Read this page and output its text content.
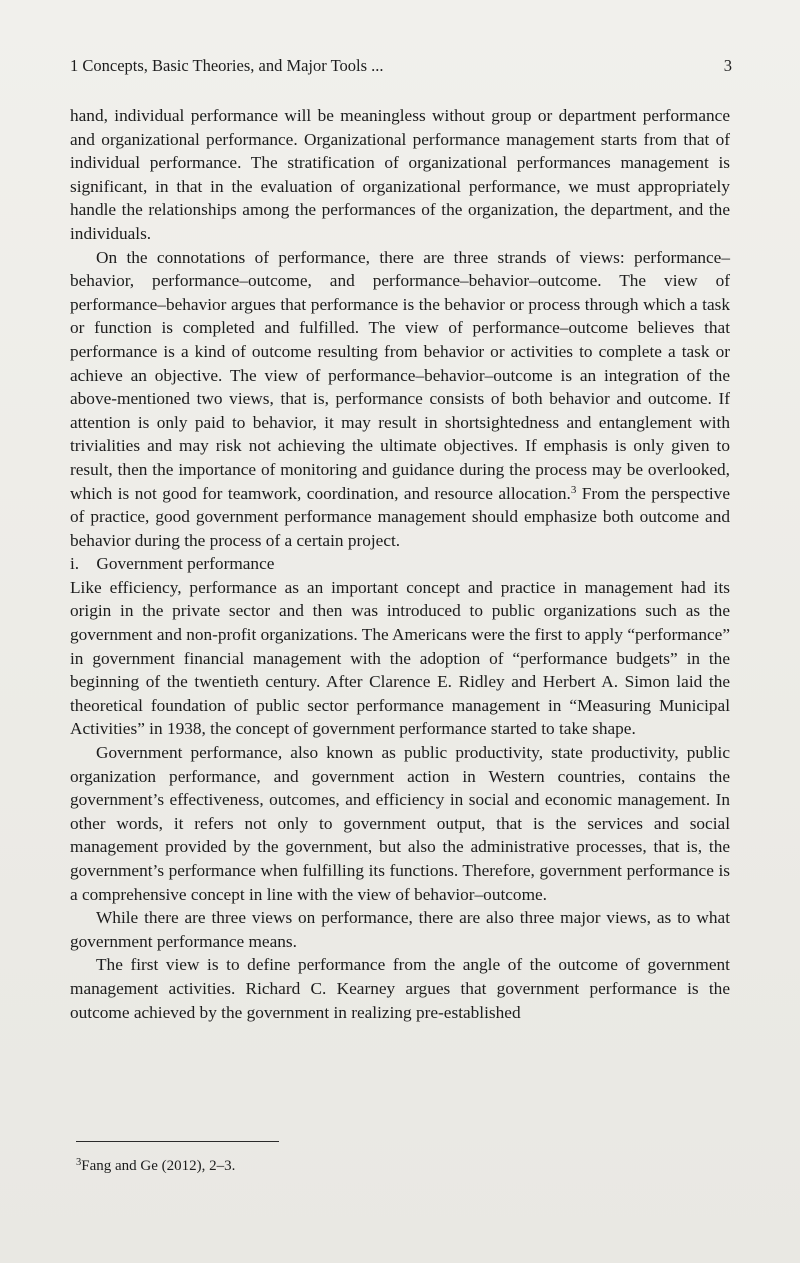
1 Concepts, Basic Theories, and Major Tools ...	3

hand, individual performance will be meaningless without group or department performance and organizational performance. Organizational performance management starts from that of individual performance. The stratification of organizational performances management is significant, in that in the evaluation of organizational performance, we must appropriately handle the relationships among the performances of the organization, the department, and the individuals.

On the connotations of performance, there are three strands of views: performance–behavior, performance–outcome, and performance–behavior–outcome. The view of performance–behavior argues that performance is the behavior or process through which a task or function is completed and fulfilled. The view of performance–outcome believes that performance is a kind of outcome resulting from behavior or activities to complete a task or achieve an objective. The view of performance–behavior–outcome is an integration of the above-mentioned two views, that is, performance consists of both behavior and outcome. If attention is only paid to behavior, it may result in shortsightedness and entanglement with trivialities and may risk not achieving the ultimate objectives. If emphasis is only given to result, then the importance of monitoring and guidance during the process may be overlooked, which is not good for teamwork, coordination, and resource allocation.$^3$ From the perspective of practice, good government performance management should emphasize both outcome and behavior during the process of a certain project.

i. Government performance

Like efficiency, performance as an important concept and practice in management had its origin in the private sector and then was introduced to public organizations such as the government and non-profit organizations. The Americans were the first to apply “performance” in government financial management with the adoption of “performance budgets” in the beginning of the twentieth century. After Clarence E. Ridley and Herbert A. Simon laid the theoretical foundation of public sector performance management in “Measuring Municipal Activities” in 1938, the concept of government performance started to take shape.

Government performance, also known as public productivity, state productivity, public organization performance, and government action in Western countries, contains the government’s effectiveness, outcomes, and efficiency in social and economic management. In other words, it refers not only to government output, that is the services and social management provided by the government, but also the administrative processes, that is, the government’s performance when fulfilling its functions. Therefore, government performance is a comprehensive concept in line with the view of behavior–outcome.

While there are three views on performance, there are also three major views, as to what government performance means.

The first view is to define performance from the angle of the outcome of government management activities. Richard C. Kearney argues that government performance is the outcome achieved by the government in realizing pre-established

$^3$Fang and Ge (2012), 2–3.
